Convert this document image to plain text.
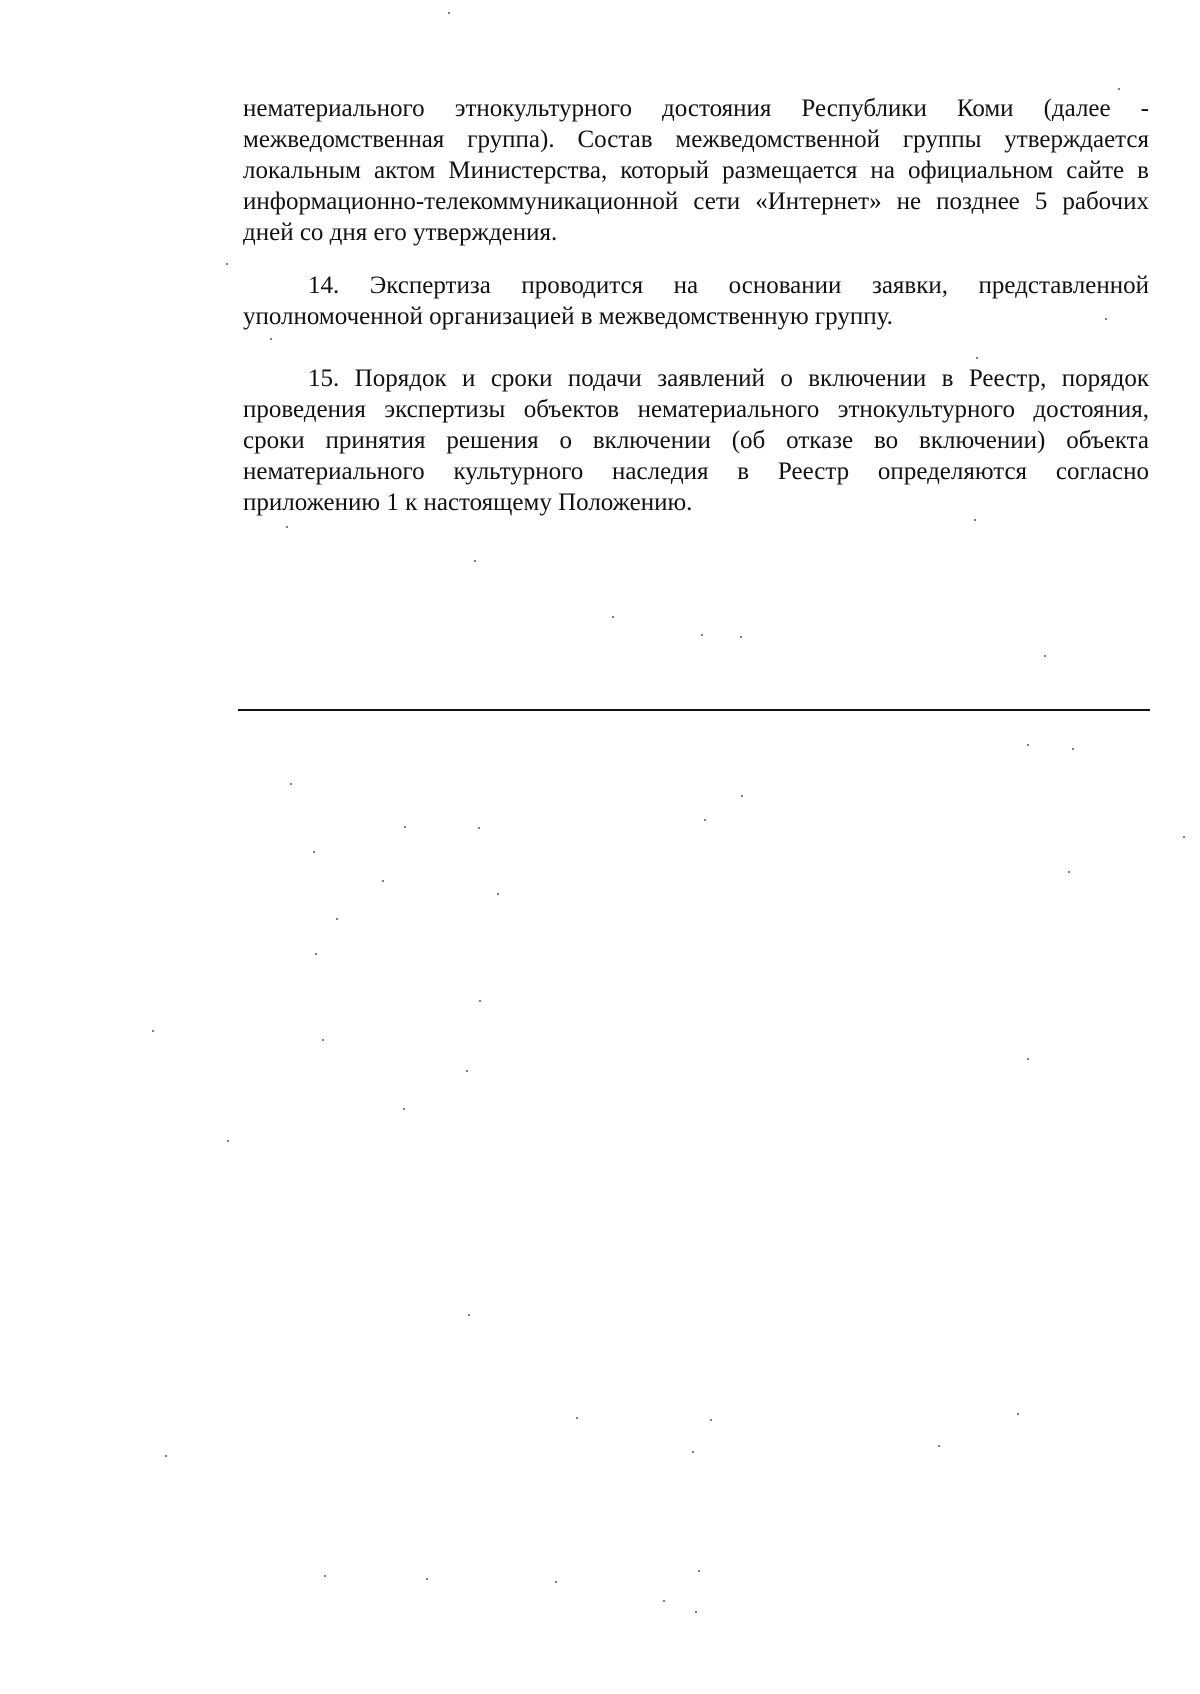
нематериального этнокультурного достояния Республики Коми (далее - межведомственная группа). Состав межведомственной группы утверждается локальным актом Министерства, который размещается на официальном сайте в информационно-телекоммуникационной сети «Интернет» не позднее 5 рабочих дней со дня его утверждения.

14. Экспертиза проводится на основании заявки, представленной уполномоченной организацией в межведомственную группу.

15. Порядок и сроки подачи заявлений о включении в Реестр, порядок проведения экспертизы объектов нематериального этнокультурного достояния, сроки принятия решения о включении (об отказе во включении) объекта нематериального культурного наследия в Реестр определяются согласно приложению 1 к настоящему Положению.
